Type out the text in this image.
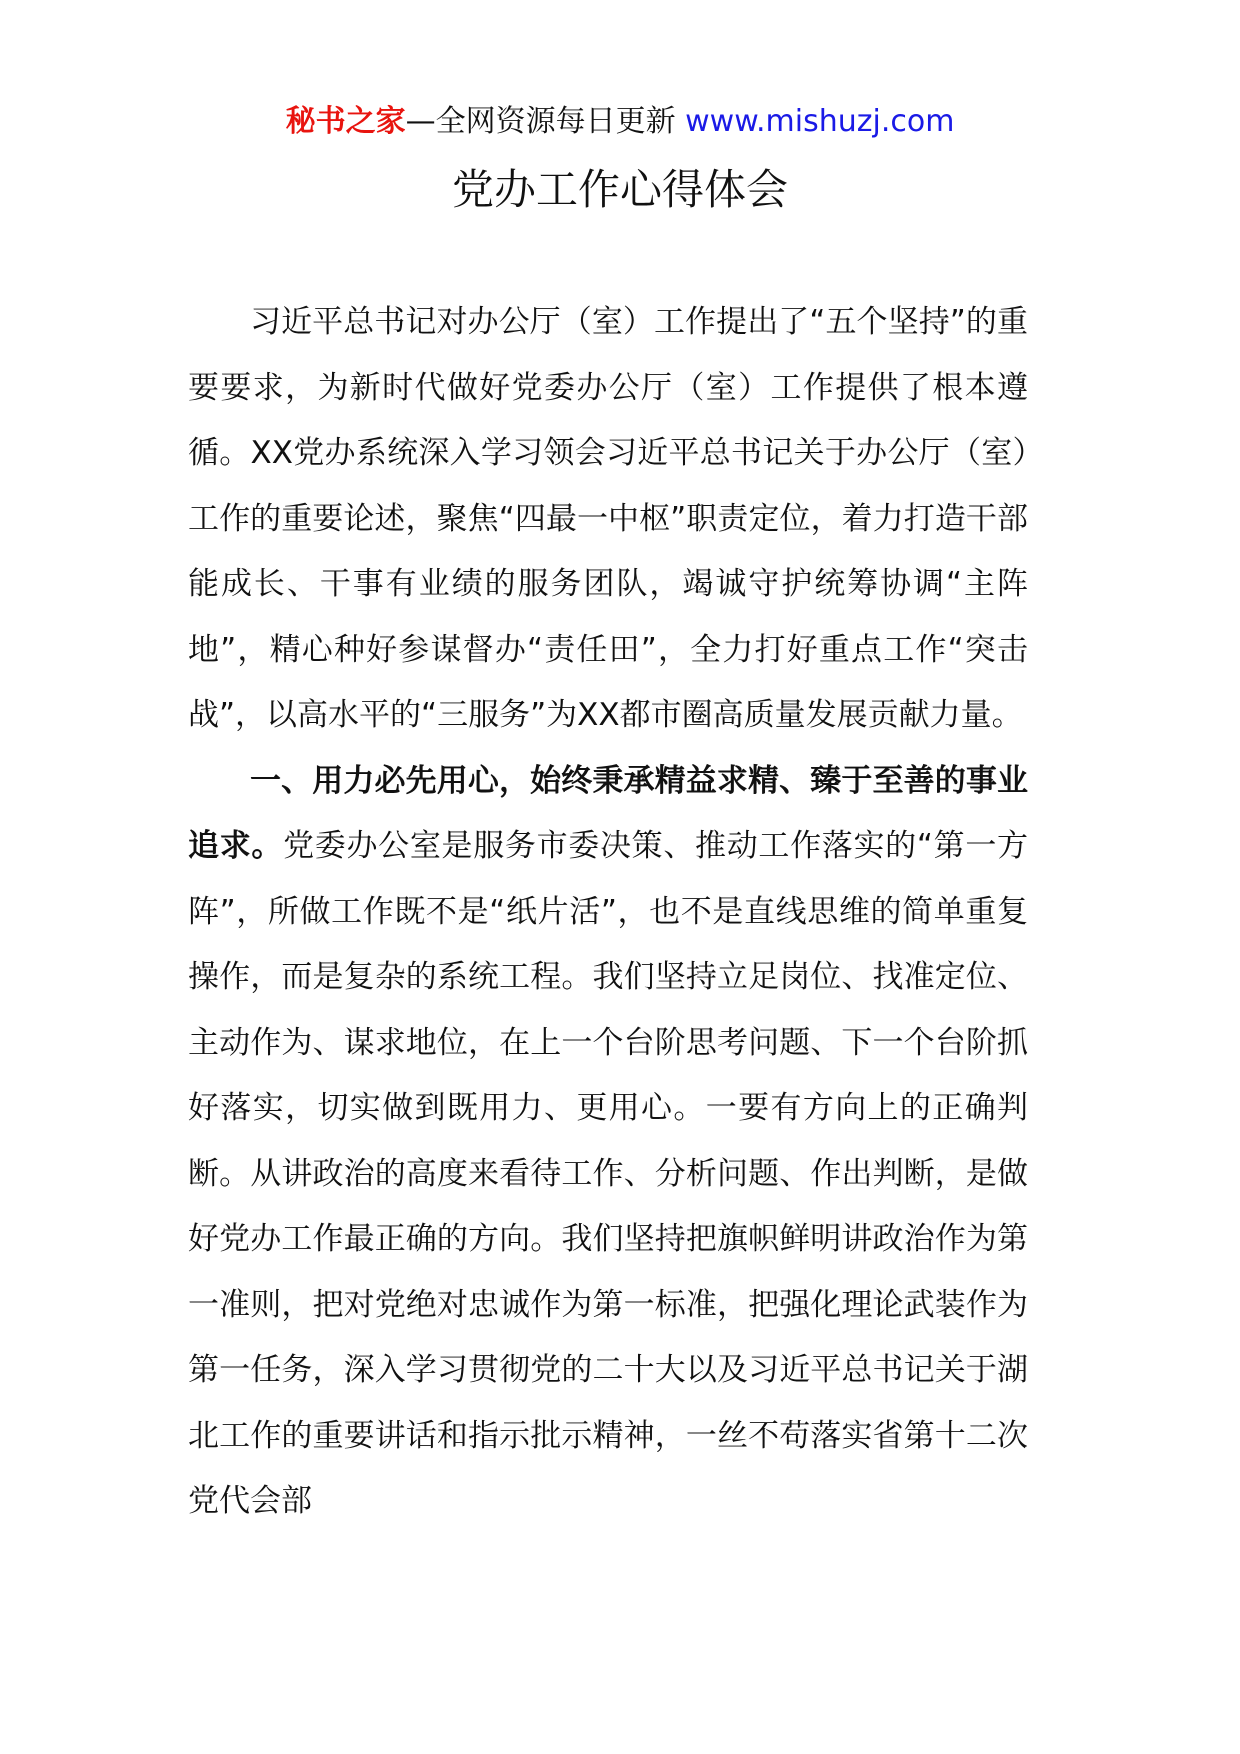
秘书之家—全网资源每日更新 www.mishuzj.com
党办工作心得体会

习近平总书记对办公厅（室）工作提出了“五个坚持”的重要要求，为新时代做好党委办公厅（室）工作提供了根本遵循。XX党办系统深入学习领会习近平总书记关于办公厅（室）工作的重要论述，聚焦“四最一中枢”职责定位，着力打造干部能成长、干事有业绩的服务团队，竭诚守护统筹协调“主阵地”，精心种好参谋督办“责任田”，全力打好重点工作“突击战”，以高水平的“三服务”为XX都市圈高质量发展贡献力量。

一、用力必先用心，始终秉承精益求精、臻于至善的事业追求。党委办公室是服务市委决策、推动工作落实的“第一方阵”，所做工作既不是“纸片活”，也不是直线思维的简单重复操作，而是复杂的系统工程。我们坚持立足岗位、找准定位、主动作为、谋求地位，在上一个台阶思考问题、下一个台阶抓好落实，切实做到既用力、更用心。一要有方向上的正确判断。从讲政治的高度来看待工作、分析问题、作出判断，是做好党办工作最正确的方向。我们坚持把旗帜鲜明讲政治作为第一准则，把对党绝对忠诚作为第一标准，把强化理论武装作为第一任务，深入学习贯彻党的二十大以及习近平总书记关于湖北工作的重要讲话和指示批示精神，一丝不苟落实省第十二次党代会部
